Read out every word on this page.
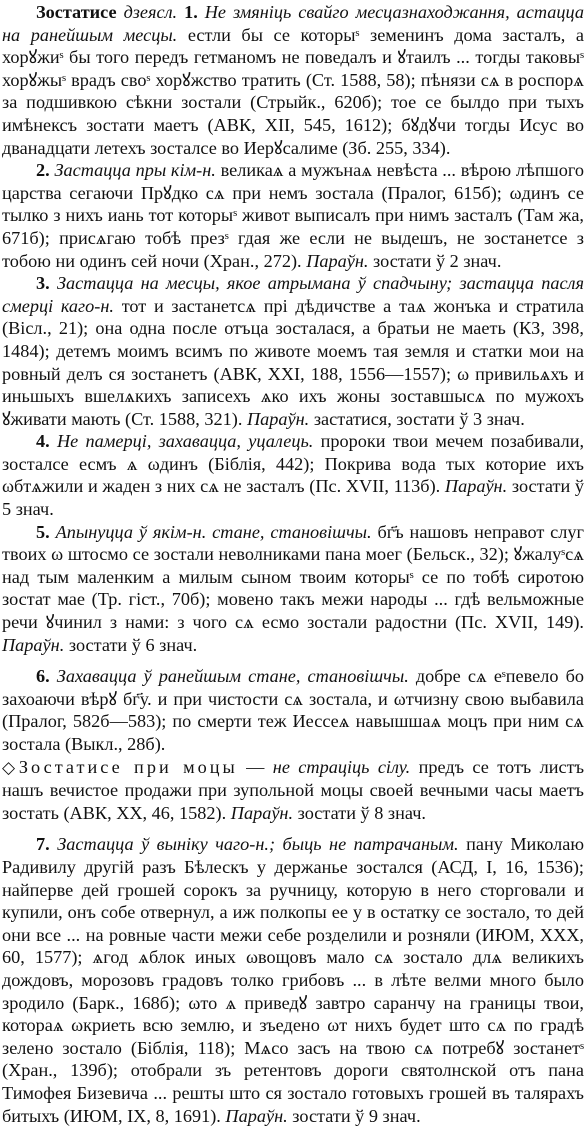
Зостатисе дзеясл. 1. Не змяніць свайго месцазнаходжання, астацца на ранейшым месцы. естли бы се которыˢ земенинъ дома засталъ, а хорꙋжиˢ бы того передъ гетманомъ не поведалъ и ꙋтаилъ ... тогды таковыˢ хорꙋжыˢ врадъ своˢ хорꙋжство тратить (Ст. 1588, 58); пѣнязи сѧ в роспорѧ за подшивкою сѣкни зостали (Стрыйк., 620б); тое се былдо при тыхъ имѣнексъ зостати маетъ (АВК, XII, 545, 1612); бꙋдꙋчи тогды Исус во дванадцати летехъ зосталсе во Иерꙋсалиме (Зб. 255, 334).

2. Застацца пры кім-н. великаѧ а мужънаѧ невѣста ... вѣрою лѣпшого царства сегаючи Прꙋдко сѧ при немъ зостала (Пралог, 615б); ωдинъ се тылко з нихъ иань тот которыˢ живот выписалъ при нимъ засталъ (Там жа, 671б); присѧгаю тобѣ презˢ гдая же если не выдешъ, не зостанетсе з тобою ни одинъ сей ночи (Хран., 272). Параўн. зостати ў 2 знач.

3. Застацца на месцы, якое атрымана ў спадчыну; застацца пасля смерці каго-н. тот и застанетсѧ прі дѣдичстве а таѧ жонъка и стратила (Вісл., 21); она одна после отъца зосталася, а братьи не маеть (КЗ, 398, 1484); детемъ моимъ всимъ по животе моемъ тая земля и статки мои на ровный делъ ся зостанетъ (АВК, XXI, 188, 1556—1557); ω привильѧхъ и иньшыхъ вшелѧкихъ записехъ ѧко ихъ жоны зоставшысѧ по мужохъ ꙋживати мають (Ст. 1588, 321). Параўн. застатися, зостати ў 3 знач.

4. Не памерці, захавацца, уцалець. пророки твои мечем позабивали, зосталсе есмъ ѧ ωдинъ (Біблія, 442); Покрива вода тых которие ихъ ωбтѧжили и жаден з них сѧ не засталъ (Пс. XVII, 113б). Параўн. зостати ў 5 знач.

5. Апынуцца ў якім-н. стане, становішчы. бг҃ъ нашовъ неправот слуг твоих ω штосмо се зостали неволниками пана моег (Бельск., 32); ꙋжалуˢсѧ над тым маленким а милым сыном твоим которыˢ се по тобѣ сиротою зостат мае (Тр. гіст., 70б); мовено такъ межи народы ... гдѣ вельможные речи ꙋчинил з нами: з чого сѧ есмо зостали радостни (Пс. XVII, 149). Параўн. зостати ў 6 знач.

6. Захавацца ў ранейшым стане, становішчы. добре сѧ еˢпевело бо захоаючи вѣрꙋ бг҃у. и при чистости сѧ зостала, и ωтчизну свою выбавила (Пралог, 582б—583); по смерти теж Иессеѧ навышшаѧ моцъ при ним сѧ зостала (Выкл., 28б).

◇Зостатисе при моцы — не страціць сілу. предъ се тотъ листъ нашъ вечистое продажи при зупольной моцы своей вечными часы маетъ зостать (АВК, XX, 46, 1582). Параўн. зостати ў 8 знач.

7. Застацца ў выніку чаго-н.; быць не патрачаным. пану Миколаю Радивилу другій разъ Бѣлескъ у держанье зостался (АСД, I, 16, 1536); найперве дей грошей сорокъ за ручницу, которую в него сторговали и купили, онъ собе отвернул, а иж полкопы ее у в остатку се зостало, то дей они все ... на ровные части межи себе розделили и розняли (ИЮМ, XXX, 60, 1577); ѧгод ѧблок иных ωвощовъ мало сѧ зостало длѧ великихъ дождовъ, морозовъ градовъ толко грибовъ ... в лѣте велми много было зродило (Барк., 168б); ωто ѧ приведꙋ завтро саранчу на границы твои, котораѧ ωкриеть всю землю, и зъедено ωт нихъ будет што сѧ по градѣ зелено зостало (Біблія, 118); Мѧсо засъ на твою сѧ потребꙋ зостанетˢ (Хран., 139б); отобрали зъ ретентовъ дороги святолнской отъ пана Тимофея Бизевича ... решты што ся зостало готовыхъ грошей въ талярахъ битыхъ (ИЮМ, IX, 8, 1691). Параўн. зостати ў 9 знач.
